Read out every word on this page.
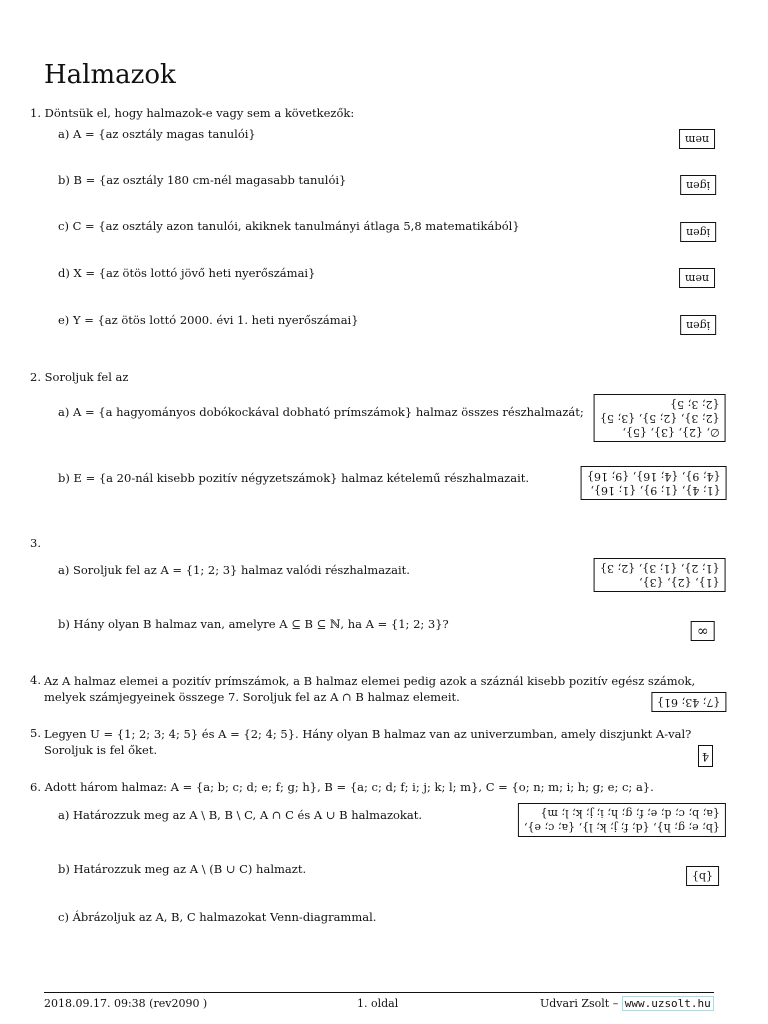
Halmazok
1. Döntsük el, hogy halmazok-e vagy sem a következők:
a) A = {az osztály magas tanulói}	nem
b) B = {az osztály 180 cm-nél magasabb tanulói}	igen
c) C = {az osztály azon tanulói, akiknek tanulmányi átlaga 5,8 matematikából}	igen
d) X = {az ötös lottó jövő heti nyerőszámai}	nem
e) Y = {az ötös lottó 2000. évi 1. heti nyerőszámai}	igen
2. Soroljuk fel az
a) A = {a hagyományos dobókockával dobható prímszámok} halmaz összes részhalmazát;
∅, {2}, {3}, {5},
{2; 3}, {2; 5}, {3; 5}
{2; 3; 5}
b) E = {a 20-nál kisebb pozitív négyzetszámok} halmaz kételemű részhalmazait.
{1; 4}, {1; 9}, {1; 16},
{4; 9}, {4; 16}, {9; 16}
3.
a) Soroljuk fel az A = {1; 2; 3} halmaz valódi részhalmazait.
{1}, {2}, {3},
{1; 2}, {1; 3}, {2; 3}
b) Hány olyan B halmaz van, amelyre A ⊆ B ⊆ ℕ, ha A = {1; 2; 3}?	∞
4. Az A halmaz elemei a pozitív prímszámok, a B halmaz elemei pedig azok a száznál kisebb pozitív egész számok, melyek számjegyeinek összege 7. Soroljuk fel az A ∩ B halmaz elemeit.	{7; 43; 61}
5. Legyen U = {1; 2; 3; 4; 5} és A = {2; 4; 5}. Hány olyan B halmaz van az univerzumban, amely diszjunkt A-val? Soroljuk is fel őket.	4
6. Adott három halmaz: A = {a; b; c; d; e; f; g; h}, B = {a; c; d; f; i; j; k; l; m}, C = {o; n; m; i; h; g; e; c; a}.
a) Határozzuk meg az A \ B, B \ C, A ∩ C és A ∪ B halmazokat.
{b; e; g; h}, {d; f; j; k; l}, {a; c; e},
{a; b; c; d; e; f; g; h; i; j; k; l; m}
b) Határozzuk meg az A \ (B ∪ C) halmazt.
{b}
c) Ábrázoljuk az A, B, C halmazokat Venn-diagrammal.
2018.09.17. 09:38 (rev2090 )	1. oldal	Udvari Zsolt – www.uzsolt.hu
